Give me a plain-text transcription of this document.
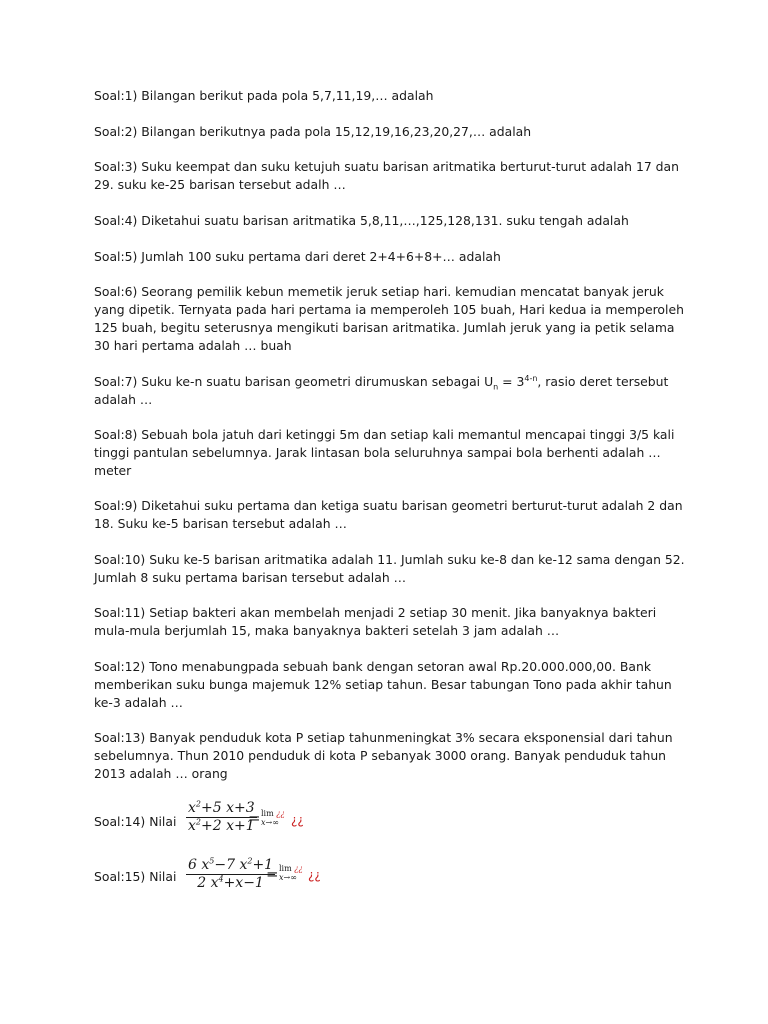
Soal:1) Bilangan berikut pada pola 5,7,11,19,… adalah

Soal:2) Bilangan berikutnya pada pola 15,12,19,16,23,20,27,… adalah

Soal:3) Suku keempat dan suku ketujuh suatu barisan aritmatika berturut-turut adalah 17 dan 29. suku ke-25 barisan tersebut adalh …

Soal:4) Diketahui suatu barisan aritmatika 5,8,11,…,125,128,131. suku tengah adalah

Soal:5) Jumlah 100 suku pertama dari deret 2+4+6+8+… adalah

Soal:6) Seorang pemilik kebun memetik jeruk setiap hari. kemudian mencatat banyak jeruk yang dipetik. Ternyata pada hari pertama ia memperoleh 105 buah, Hari kedua ia memperoleh 125 buah, begitu seterusnya mengikuti barisan aritmatika. Jumlah jeruk yang ia petik selama 30 hari pertama adalah … buah

Soal:7) Suku ke-n suatu barisan geometri dirumuskan sebagai $U_n = 3^{4-n}$, rasio deret tersebut adalah …

Soal:8) Sebuah bola jatuh dari ketinggi 5m dan setiap kali memantul mencapai tinggi 3/5 kali tinggi pantulan sebelumnya. Jarak lintasan bola seluruhnya sampai bola berhenti adalah … meter

Soal:9) Diketahui suku pertama dan ketiga suatu barisan geometri berturut-turut adalah 2 dan 18. Suku ke-5 barisan tersebut adalah …

Soal:10) Suku ke-5 barisan aritmatika adalah 11. Jumlah suku ke-8 dan ke-12 sama dengan 52. Jumlah 8 suku pertama barisan tersebut adalah …

Soal:11) Setiap bakteri akan membelah menjadi 2 setiap 30 menit. Jika banyaknya bakteri mula-mula berjumlah 15, maka banyaknya bakteri setelah 3 jam adalah …

Soal:12) Tono menabungpada sebuah bank dengan setoran awal Rp.20.000.000,00. Bank memberikan suku bunga majemuk 12% setiap tahun. Besar tabungan Tono pada akhir tahun ke-3 adalah …

Soal:13) Banyak penduduk kota P setiap tahunmeningkat 3% secara eksponensial dari tahun sebelumnya. Thun 2010 penduduk di kota P sebanyak 3000 orang. Banyak penduduk tahun 2013 adalah … orang

Soal:14) Nilai
$x^2+5$ x+3
$x^2+2$ x+1
= lim ¿¿
x→∞	¿¿
Soal:15) Nilai
6 $x^5-7$ $x^2+1$
2 $x^4+x-1 = \lim$ ¿¿
x→∞ ¿¿
